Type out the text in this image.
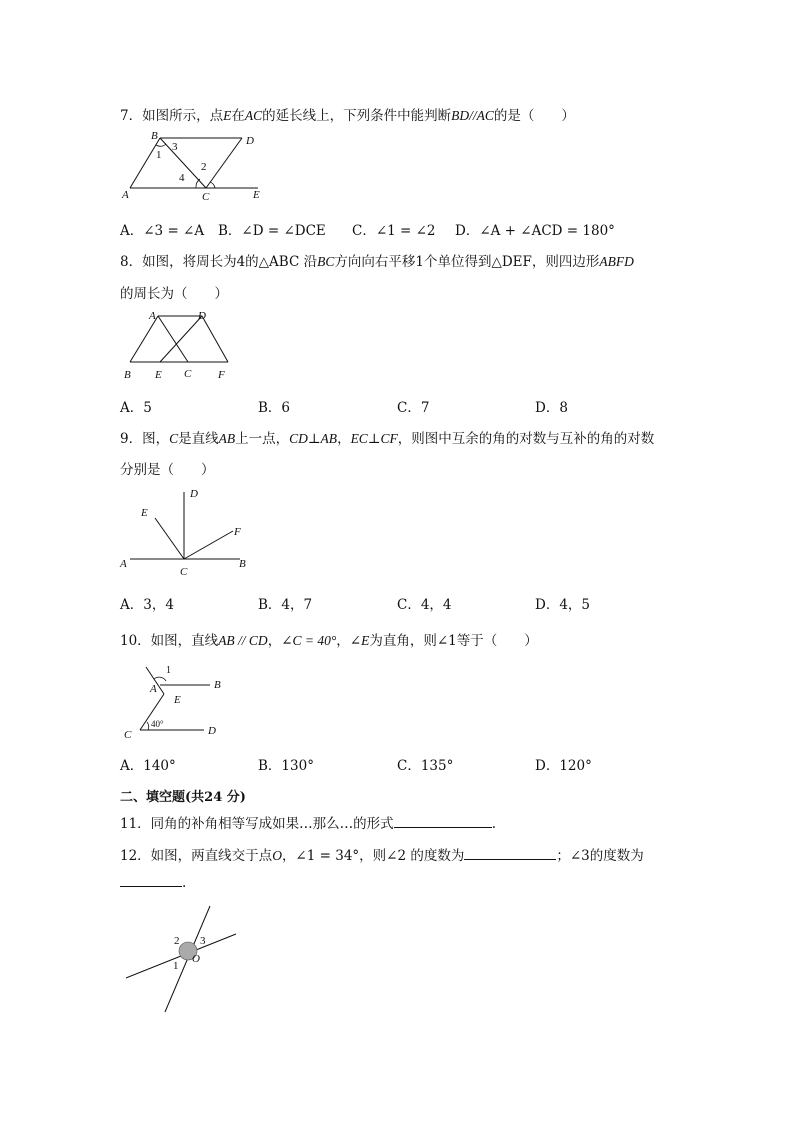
7．如图所示，点E在AC的延长线上，下列条件中能判断BD//AC的是（　　）
B	D
A	C	E
1
3
2
4
A．∠3 = ∠A B．∠D = ∠DCE C．∠1 = ∠2 D．∠A + ∠ACD = 180°
8．如图，将周长为4的△ABC 沿BC方向向右平移1个单位得到△DEF，则四边形ABFD
的周长为（　　）
A	D
B E C F
A．5	B．6	C．7	D．8
9．图，C是直线AB上一点，CD⊥AB，EC⊥CF，则图中互余的角的对数与互补的角的对数
分别是（　　）
D
E
F
A
C
B
A．3，4	B．4，7	C．4，4	D．4，5
10．如图，直线AB // CD，∠C = 40°，∠E为直角，则∠1等于（　　）
1
A	B
E
C	D
40°
A．140°	B．130°	C．135°	D．120°
二、填空题(共24 分)
11．同角的补角相等写成如果…那么…的形式	.
12．如图，两直线交于点O，∠1 = 34°，则∠2 的度数为	；∠3的度数为
.
2 3
1
O
